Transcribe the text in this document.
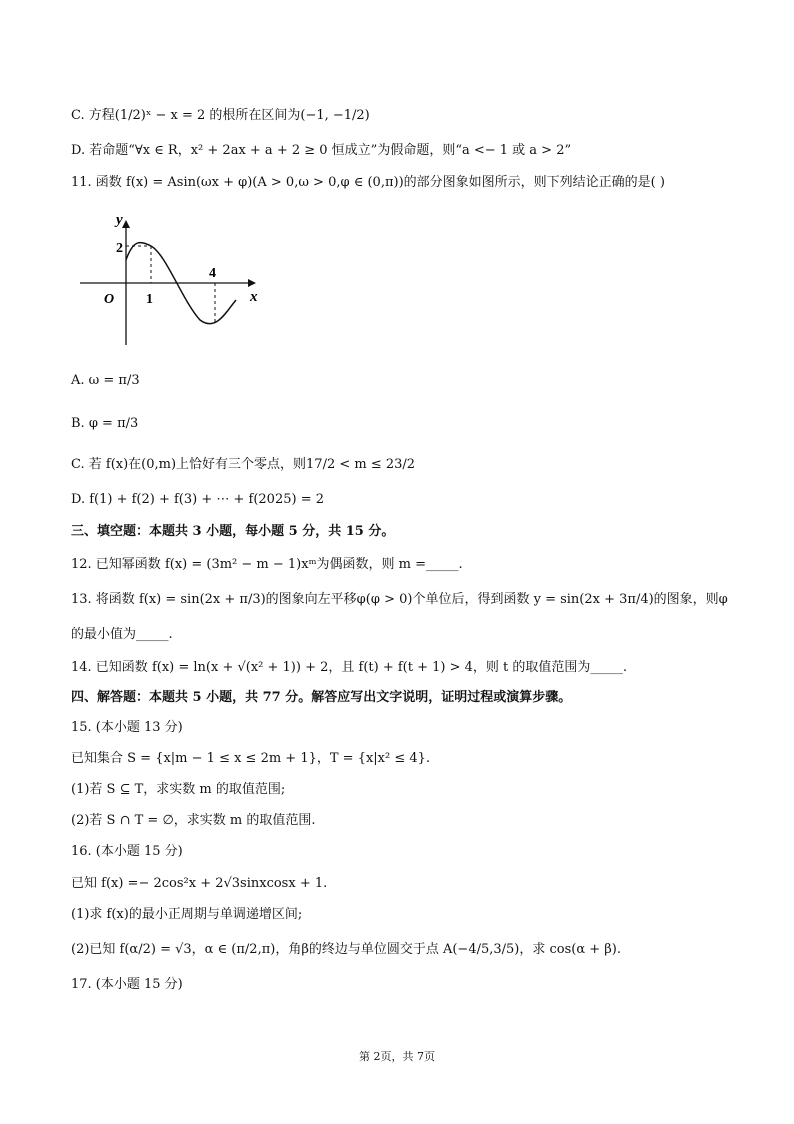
C. 方程(1/2)ˣ − x = 2 的根所在区间为(−1, −1/2)
D. 若命题“∀x ∈ R，x² + 2ax + a + 2 ≥ 0 恒成立”为假命题，则“a <− 1 或 a > 2”
11. 函数 f(x) = Asin(ωx + φ)(A > 0,ω > 0,φ ∈ (0,π))的部分图象如图所示，则下列结论正确的是( )
y
x
O
2
1
4
A. ω = π/3
B. φ = π/3
C. 若 f(x)在(0,m)上恰好有三个零点，则17/2 < m ≤ 23/2
D. f(1) + f(2) + f(3) + ⋯ + f(2025) = 2
三、填空题：本题共 3 小题，每小题 5 分，共 15 分。
12. 已知幂函数 f(x) = (3m² − m − 1)xᵐ为偶函数，则 m =_____.
13. 将函数 f(x) = sin(2x + π/3)的图象向左平移φ(φ > 0)个单位后，得到函数 y = sin(2x + 3π/4)的图象，则φ
的最小值为_____.
14. 已知函数 f(x) = ln(x + √(x² + 1)) + 2，且 f(t) + f(t + 1) > 4，则 t 的取值范围为_____.
四、解答题：本题共 5 小题，共 77 分。解答应写出文字说明，证明过程或演算步骤。
15. (本小题 13 分)
已知集合 S = {x|m − 1 ≤ x ≤ 2m + 1}，T = {x|x² ≤ 4}.
(1)若 S ⊆ T，求实数 m 的取值范围;
(2)若 S ∩ T = ∅，求实数 m 的取值范围.
16. (本小题 15 分)
已知 f(x) =− 2cos²x + 2√3sinxcosx + 1.
(1)求 f(x)的最小正周期与单调递增区间;
(2)已知 f(α/2) = √3，α ∈ (π/2,π)，角β的终边与单位圆交于点 A(−4/5,3/5)，求 cos(α + β).
17. (本小题 15 分)
第 2页，共 7页
